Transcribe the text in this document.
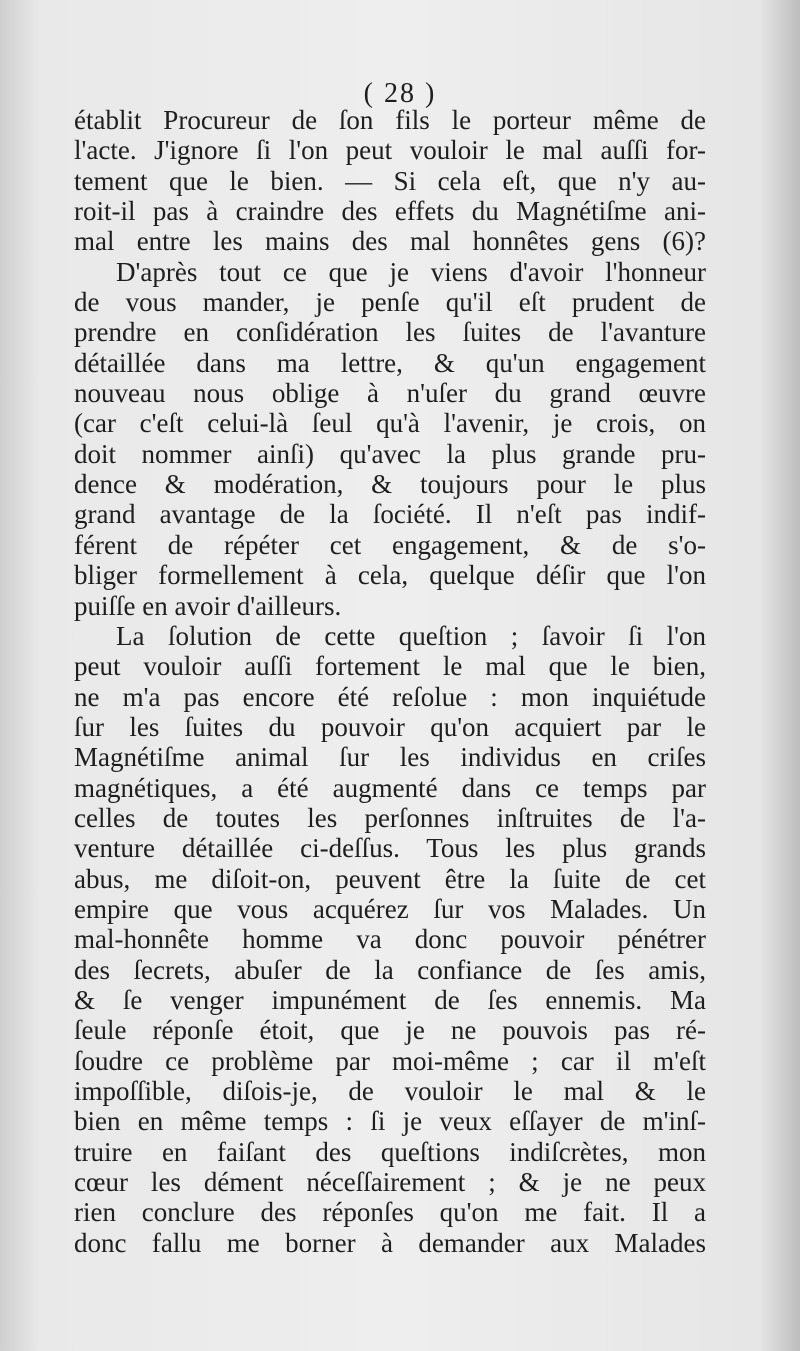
( 28 )
établit Procureur de ſon fils le porteur même de
l'acte. J'ignore ſi l'on peut vouloir le mal auſſi for-
tement que le bien. — Si cela eſt, que n'y au-
roit-il pas à craindre des effets du Magnétiſme ani-
mal entre les mains des mal honnêtes gens (6)?
D'après tout ce que je viens d'avoir l'honneur
de vous mander, je penſe qu'il eſt prudent de
prendre en conſidération les ſuites de l'avanture
détaillée dans ma lettre, & qu'un engagement
nouveau nous oblige à n'uſer du grand œuvre
(car c'eſt celui-là ſeul qu'à l'avenir, je crois, on
doit nommer ainſi) qu'avec la plus grande pru-
dence & modération, & toujours pour le plus
grand avantage de la ſociété. Il n'eſt pas indif-
férent de répéter cet engagement, & de s'o-
bliger formellement à cela, quelque déſir que l'on
puiſſe en avoir d'ailleurs.
La ſolution de cette queſtion ; ſavoir ſi l'on
peut vouloir auſſi fortement le mal que le bien,
ne m'a pas encore été reſolue : mon inquiétude
ſur les ſuites du pouvoir qu'on acquiert par le
Magnétiſme animal ſur les individus en criſes
magnétiques, a été augmenté dans ce temps par
celles de toutes les perſonnes inſtruites de l'a-
venture détaillée ci-deſſus. Tous les plus grands
abus, me diſoit-on, peuvent être la ſuite de cet
empire que vous acquérez ſur vos Malades. Un
mal-honnête homme va donc pouvoir pénétrer
des ſecrets, abuſer de la confiance de ſes amis,
& ſe venger impunément de ſes ennemis. Ma
ſeule réponſe étoit, que je ne pouvois pas ré-
ſoudre ce problème par moi-même ; car il m'eſt
impoſſible, diſois-je, de vouloir le mal & le
bien en même temps : ſi je veux eſſayer de m'inſ-
truire en faiſant des queſtions indiſcrètes, mon
cœur les dément néceſſairement ; & je ne peux
rien conclure des réponſes qu'on me fait. Il a
donc fallu me borner à demander aux Malades
